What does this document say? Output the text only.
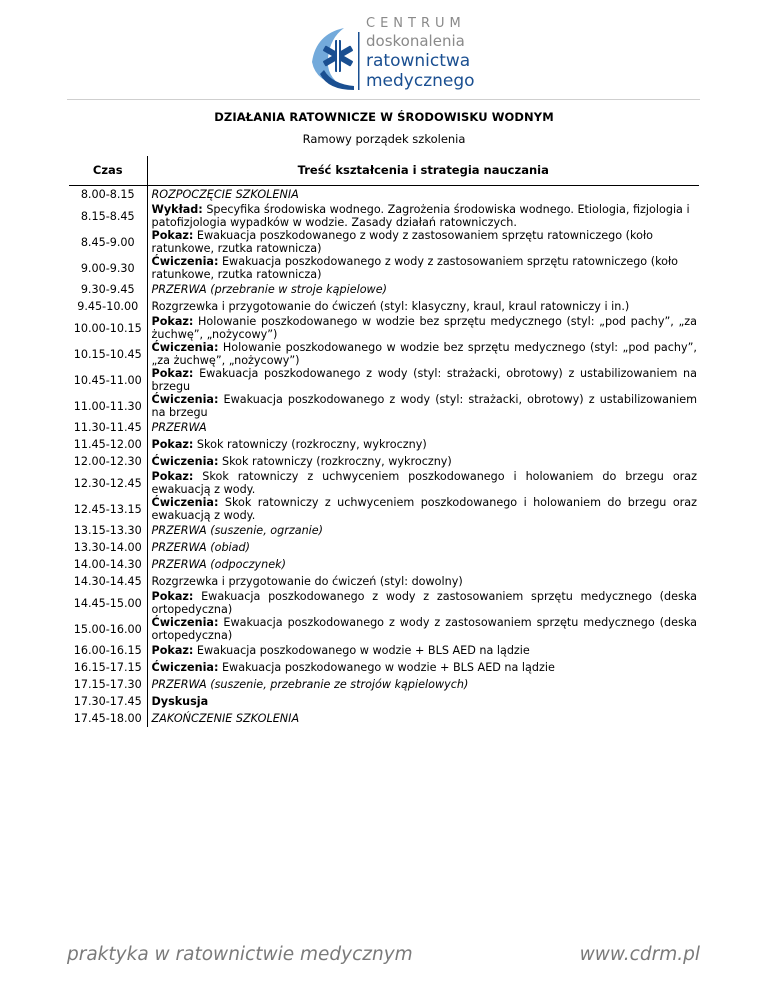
CENTRUM
doskonalenia
ratownictwa
medycznego
DZIAŁANIA RATOWNICZE W ŚRODOWISKU WODNYM
Ramowy porządek szkolenia
Czas	Treść kształcenia i strategia nauczania
8.00-8.15	ROZPOCZĘCIE SZKOLENIA
8.15-8.45	Wykład: Specyfika środowiska wodnego. Zagrożenia środowiska wodnego. Etiologia, fizjologia i patofizjologia wypadków w wodzie. Zasady działań ratowniczych.
8.45-9.00	Pokaz: Ewakuacja poszkodowanego z wody z zastosowaniem sprzętu ratowniczego (koło ratunkowe, rzutka ratownicza)
9.00-9.30	Ćwiczenia: Ewakuacja poszkodowanego z wody z zastosowaniem sprzętu ratowniczego (koło ratunkowe, rzutka ratownicza)
9.30-9.45	PRZERWA (przebranie w stroje kąpielowe)
9.45-10.00	Rozgrzewka i przygotowanie do ćwiczeń (styl: klasyczny, kraul, kraul ratowniczy i in.)
10.00-10.15	Pokaz: Holowanie poszkodowanego w wodzie bez sprzętu medycznego (styl: „pod pachy”, „za żuchwę”, „nożycowy”)
10.15-10.45	Ćwiczenia: Holowanie poszkodowanego w wodzie bez sprzętu medycznego (styl: „pod pachy”, „za żuchwę”, „nożycowy”)
10.45-11.00	Pokaz: Ewakuacja poszkodowanego z wody (styl: strażacki, obrotowy) z ustabilizowaniem na brzegu
11.00-11.30	Ćwiczenia: Ewakuacja poszkodowanego z wody (styl: strażacki, obrotowy) z ustabilizowaniem na brzegu
11.30-11.45	PRZERWA
11.45-12.00	Pokaz: Skok ratowniczy (rozkroczny, wykroczny)
12.00-12.30	Ćwiczenia: Skok ratowniczy (rozkroczny, wykroczny)
12.30-12.45	Pokaz: Skok ratowniczy z uchwyceniem poszkodowanego i holowaniem do brzegu oraz ewakuacją z wody.
12.45-13.15	Ćwiczenia: Skok ratowniczy z uchwyceniem poszkodowanego i holowaniem do brzegu oraz ewakuacją z wody.
13.15-13.30	PRZERWA (suszenie, ogrzanie)
13.30-14.00	PRZERWA (obiad)
14.00-14.30	PRZERWA (odpoczynek)
14.30-14.45	Rozgrzewka i przygotowanie do ćwiczeń (styl: dowolny)
14.45-15.00	Pokaz: Ewakuacja poszkodowanego z wody z zastosowaniem sprzętu medycznego (deska ortopedyczna)
15.00-16.00	Ćwiczenia: Ewakuacja poszkodowanego z wody z zastosowaniem sprzętu medycznego (deska ortopedyczna)
16.00-16.15	Pokaz: Ewakuacja poszkodowanego w wodzie + BLS AED na lądzie
16.15-17.15	Ćwiczenia: Ewakuacja poszkodowanego w wodzie + BLS AED na lądzie
17.15-17.30	PRZERWA (suszenie, przebranie ze strojów kąpielowych)
17.30-17.45	Dyskusja
17.45-18.00	ZAKOŃCZENIE SZKOLENIA
praktyka w ratownictwie medycznym	www.cdrm.pl
